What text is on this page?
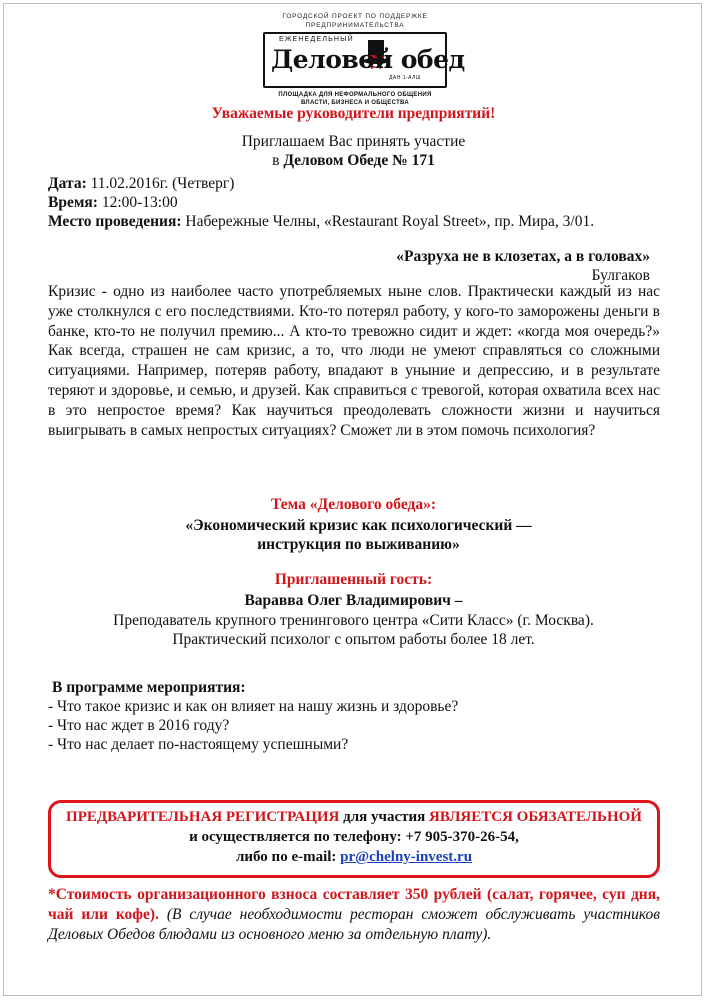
ГОРОДСКОЙ ПРОЕКТ ПО ПОДДЕРЖКЕ ПРЕДПРИНИМАТЕЛЬСТВА
ЕЖЕНЕДЕЛЬНЫЙ
Деловой обед
ДАН 1-АЛШ
ПЛОЩАДКА ДЛЯ НЕФОРМАЛЬНОГО ОБЩЕНИЯ
ВЛАСТИ, БИЗНЕСА И ОБЩЕСТВА
Уважаемые руководители предприятий!
Приглашаем Вас принять участие
в Деловом Обеде № 171
Дата: 11.02.2016г. (Четверг)
Время: 12:00-13:00
Место проведения: Набережные Челны, «Restaurant Royal Street», пр. Мира, 3/01.
«Разруха не в клозетах, а в головах»
Булгаков
Кризис - одно из наиболее часто употребляемых ныне слов. Практически каждый из нас уже столкнулся с его последствиями. Кто-то потерял работу, у кого-то заморожены деньги в банке, кто-то не получил премию... А кто-то тревожно сидит и ждет: «когда моя очередь?» Как всегда, страшен не сам кризис, а то, что люди не умеют справляться со сложными ситуациями. Например, потеряв работу, впадают в уныние и депрессию, и в результате теряют и здоровье, и семью, и друзей. Как справиться с тревогой, которая охватила всех нас в это непростое время? Как научиться преодолевать сложности жизни и научиться выигрывать в самых непростых ситуациях? Сможет ли в этом помочь психология?
Тема «Делового обеда»:
«Экономический кризис как психологический —
инструкция по выживанию»
Приглашенный гость:
Варавва Олег Владимирович –
Преподаватель крупного тренингового центра «Сити Класс» (г. Москва).
Практический психолог с опытом работы более 18 лет.
В программе мероприятия:
- Что такое кризис и как он влияет на нашу жизнь и здоровье?
- Что нас ждет в 2016 году?
- Что нас делает по-настоящему успешными?
ПРЕДВАРИТЕЛЬНАЯ РЕГИСТРАЦИЯ для участия ЯВЛЯЕТСЯ ОБЯЗАТЕЛЬНОЙ
и осуществляется по телефону: +7 905-370-26-54,
либо по e-mail: pr@chelny-invest.ru
*Стоимость организационного взноса составляет 350 рублей (салат, горячее, суп дня, чай или кофе). (В случае необходимости ресторан сможет обслуживать участников Деловых Обедов блюдами из основного меню за отдельную плату).
